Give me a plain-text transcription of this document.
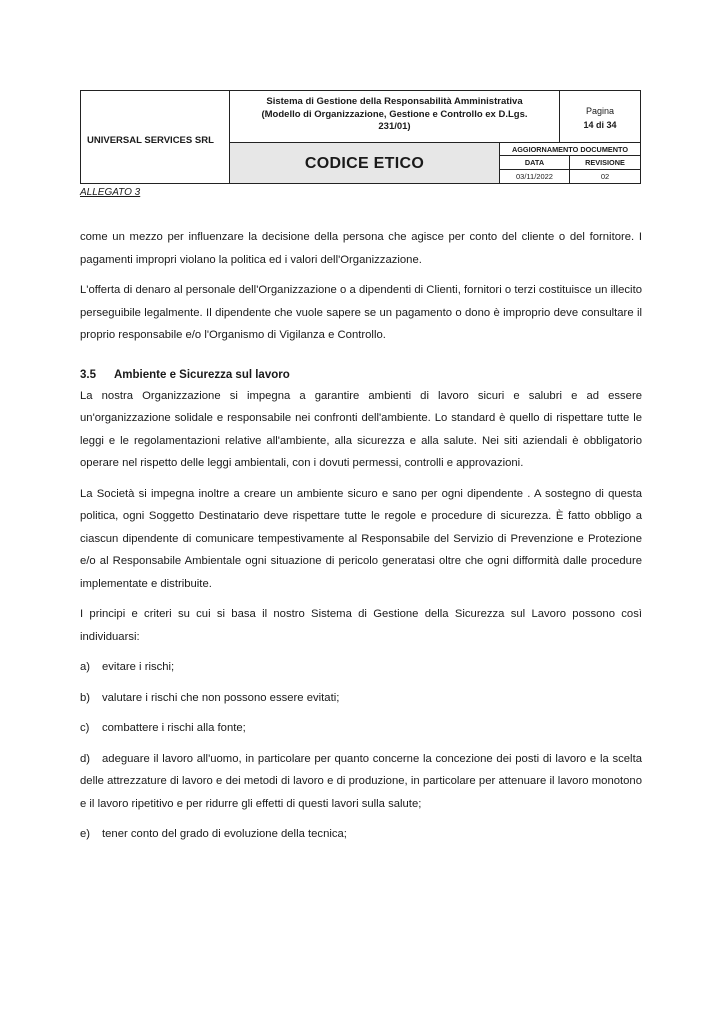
UNIVERSAL SERVICES SRL
Sistema di Gestione della Responsabilità Amministrativa
(Modello di Organizzazione, Gestione e Controllo ex D.Lgs.
231/01)
Pagina
14 di 34
CODICE ETICO
AGGIORNAMENTO DOCUMENTO
DATA	REVISIONE
03/11/2022	02
ALLEGATO 3

come un mezzo per influenzare la decisione della persona che agisce per conto del cliente o del fornitore. I pagamenti impropri violano la politica ed i valori dell'Organizzazione.

L'offerta di denaro al personale dell'Organizzazione o a dipendenti di Clienti, fornitori o terzi costituisce un illecito perseguibile legalmente. Il dipendente che vuole sapere se un pagamento o dono è improprio deve consultare il proprio responsabile e/o l'Organismo di Vigilanza e Controllo.

3.5 Ambiente e Sicurezza sul lavoro

La nostra Organizzazione si impegna a garantire ambienti di lavoro sicuri e salubri e ad essere un'organizzazione solidale e responsabile nei confronti dell'ambiente. Lo standard è quello di rispettare tutte le leggi e le regolamentazioni relative all'ambiente, alla sicurezza e alla salute. Nei siti aziendali è obbligatorio operare nel rispetto delle leggi ambientali, con i dovuti permessi, controlli e approvazioni.

La Società si impegna inoltre a creare un ambiente sicuro e sano per ogni dipendente . A sostegno di questa politica, ogni Soggetto Destinatario deve rispettare tutte le regole e procedure di sicurezza. È fatto obbligo a ciascun dipendente di comunicare tempestivamente al Responsabile del Servizio di Prevenzione e Protezione e/o al Responsabile Ambientale ogni situazione di pericolo generatasi oltre che ogni difformità dalle procedure implementate e distribuite.

I principi e criteri su cui si basa il nostro Sistema di Gestione della Sicurezza sul Lavoro possono così individuarsi:

a) evitare i rischi;
b) valutare i rischi che non possono essere evitati;
c) combattere i rischi alla fonte;
d) adeguare il lavoro all'uomo, in particolare per quanto concerne la concezione dei posti di lavoro e la scelta delle attrezzature di lavoro e dei metodi di lavoro e di produzione, in particolare per attenuare il lavoro monotono e il lavoro ripetitivo e per ridurre gli effetti di questi lavori sulla salute;
e) tener conto del grado di evoluzione della tecnica;
